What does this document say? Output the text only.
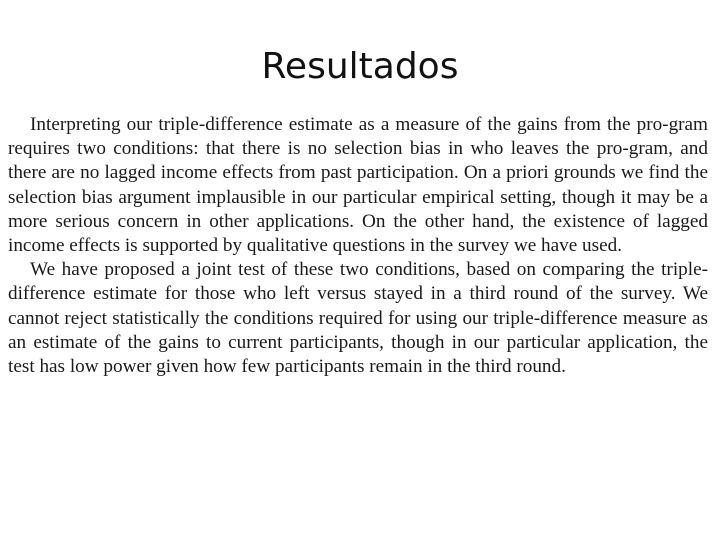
Resultados

Interpreting our triple-difference estimate as a measure of the gains from the pro-gram requires two conditions: that there is no selection bias in who leaves the pro-gram, and there are no lagged income effects from past participation. On a priori grounds we find the selection bias argument implausible in our particular empirical setting, though it may be a more serious concern in other applications. On the other hand, the existence of lagged income effects is supported by qualitative questions in the survey we have used.

We have proposed a joint test of these two conditions, based on comparing the triple-difference estimate for those who left versus stayed in a third round of the survey. We cannot reject statistically the conditions required for using our triple-difference measure as an estimate of the gains to current participants, though in our particular application, the test has low power given how few participants remain in the third round.
